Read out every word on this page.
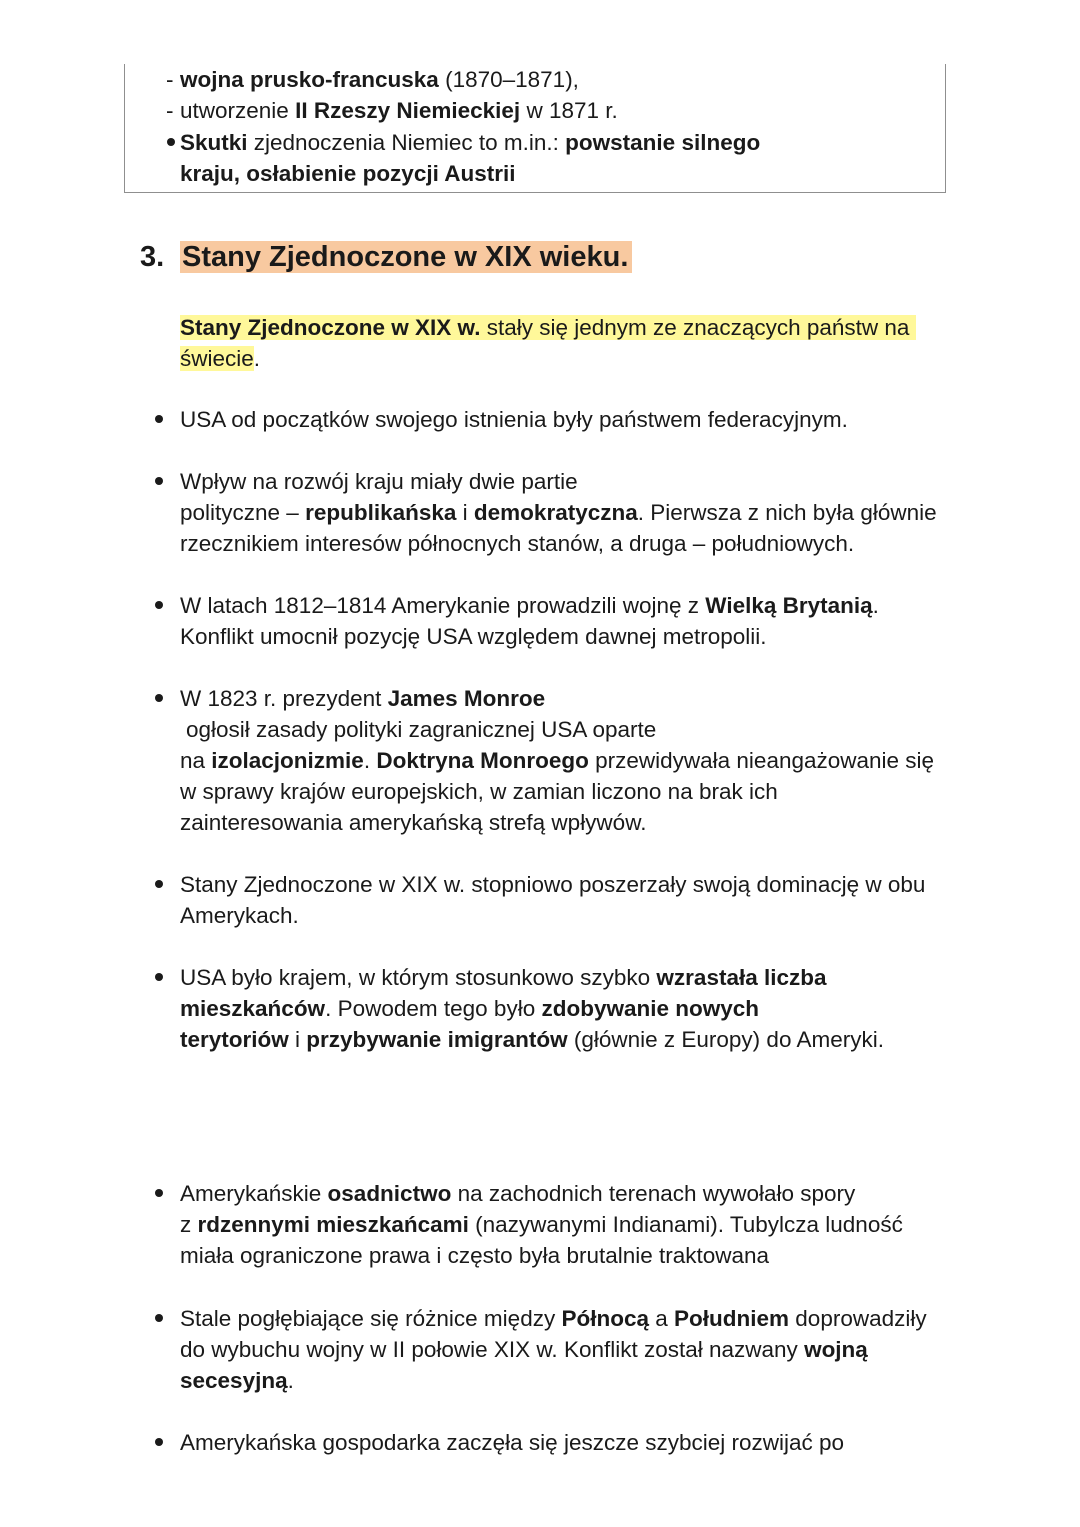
- wojna prusko-francuska (1870–1871),
- utworzenie II Rzeszy Niemieckiej w 1871 r.
Skutki zjednoczenia Niemiec to m.in.: powstanie silnego
kraju, osłabienie pozycji Austrii
3. Stany Zjednoczone w XIX wieku.
Stany Zjednoczone w XIX w. stały się jednym ze znaczących państw na
świecie.
USA od początków swojego istnienia były państwem federacyjnym.
Wpływ na rozwój kraju miały dwie partie
polityczne – republikańska i demokratyczna. Pierwsza z nich była głównie
rzecznikiem interesów północnych stanów, a druga – południowych.
W latach 1812–1814 Amerykanie prowadzili wojnę z Wielką Brytanią.
Konflikt umocnił pozycję USA względem dawnej metropolii.
W 1823 r. prezydent James Monroe
ogłosił zasady polityki zagranicznej USA oparte
na izolacjonizmie. Doktryna Monroego przewidywała nieangażowanie się
w sprawy krajów europejskich, w zamian liczono na brak ich
zainteresowania amerykańską strefą wpływów.
Stany Zjednoczone w XIX w. stopniowo poszerzały swoją dominację w obu
Amerykach.
USA było krajem, w którym stosunkowo szybko wzrastała liczba
mieszkańców. Powodem tego było zdobywanie nowych
terytoriów i przybywanie imigrantów (głównie z Europy) do Ameryki.
Amerykańskie osadnictwo na zachodnich terenach wywołało spory
z rdzennymi mieszkańcami (nazywanymi Indianami). Tubylcza ludność
miała ograniczone prawa i często była brutalnie traktowana
Stale pogłębiające się różnice między Północą a Południem doprowadziły
do wybuchu wojny w II połowie XIX w. Konflikt został nazwany wojną
secesyjną.
Amerykańska gospodarka zaczęła się jeszcze szybciej rozwijać po
